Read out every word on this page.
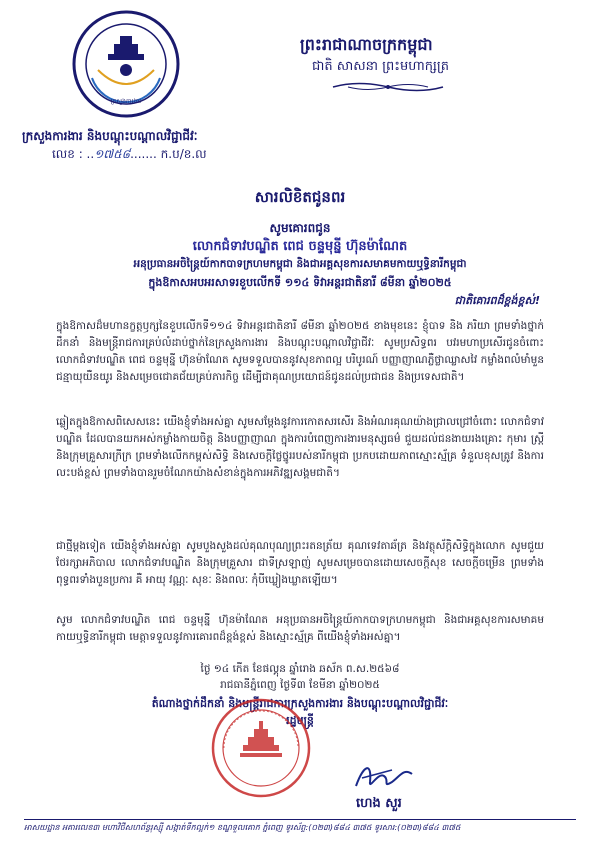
ក្រសួងការងារ
ព្រះរាជាណាចក្រកម្ពុជា
ជាតិ សាសនា ព្រះមហាក្សត្រ
ក្រសួងការងារ និងបណ្តុះបណ្តាលវិជ្ជាជីវៈ
លេខ : ..១៧៥៨....... ក.ប/ខ.ល
សារលិខិតជូនពរ
សូមគោរពជូន
លោកជំទាវបណ្ឌិត ពេជ ចន្ទមុន្នី ហ៊ុនម៉ាណែត
អនុប្រធានអចិន្ត្រៃយ៍កាកបាទក្រហមកម្ពុជា និងជាអគ្គសុខការសមាគមកាយឬទ្ធិនារីកម្ពុជា
ក្នុងឱកាសអបអរសាទរខួបលើកទី ១១៤ ទិវាអន្តរជាតិនារី ៨មីនា ឆ្នាំ២០២៥
ជាតិគោរពដ៏ខ្ពង់ខ្ពស់!
ក្នុងឱកាសដ៏មហានក្ខត្តឫក្សនៃខួបលើកទី១១៤ ទិវាអន្តរជាតិនារី ៨មីនា ឆ្នាំ២០២៥ ខាងមុខនេះ ខ្ញុំបាទ និង ភរិយា ព្រមទាំងថ្នាក់ដឹកនាំ និងមន្ត្រីរាជការគ្រប់លំដាប់ថ្នាក់នៃក្រសួងការងារ និងបណ្តុះបណ្តាលវិជ្ជាជីវៈ សូមប្រសិទ្ធពរ បវរមហាប្រសើរជូនចំពោះ លោកជំទាវបណ្ឌិត ពេជ ចន្ទមុន្នី ហ៊ុនម៉ាណែត សូមទទួលបាននូវសុខភាពល្អ បរិបូរណ៍ បញ្ញាញាណភ្លឺថ្លាឈ្លាសវៃ កម្លាំងពលំមាំមួន ជន្មាយុយឺនយូរ និងសម្រេចជោគជ័យគ្រប់ភារកិច្ច ដើម្បីជាគុណប្រយោជន៍ជូនដល់ប្រជាជន និងប្រទេសជាតិ។
ឆ្លៀតក្នុងឱកាសពិសេសនេះ យើងខ្ញុំទាំងអស់គ្នា សូមសម្តែងនូវការកោតសរសើរ និងអំណរគុណយ៉ាងជ្រាលជ្រៅចំពោះ លោកជំទាវបណ្ឌិត ដែលបានយកអស់កម្លាំងកាយចិត្ត និងបញ្ញាញាណ ក្នុងការបំពេញការងារមនុស្សធម៌ ជួយដល់ជនងាយរងគ្រោះ កុមារ ស្ត្រី និងក្រុមគ្រួសារក្រីក្រ ព្រមទាំងលើកកម្ពស់សិទ្ធិ និងសេចក្តីថ្លៃថ្នូររបស់នារីកម្ពុជា ប្រកបដោយភាពស្មោះស្ម័គ្រ ទំនួលខុសត្រូវ និងការលះបង់ខ្ពស់ ព្រមទាំងបានរួមចំណែកយ៉ាងសំខាន់ក្នុងការអភិវឌ្ឍសង្គមជាតិ។
ជាថ្មីម្តងទៀត យើងខ្ញុំទាំងអស់គ្នា សូមបួងសួងដល់គុណបុណ្យព្រះរតនត្រ័យ គុណទេវតាឆ័ត្រ និងវត្ថុស័ក្តិសិទ្ធិក្នុងលោក សូមជួយថែរក្សាអភិបាល លោកជំទាវបណ្ឌិត និងក្រុមគ្រួសារ ជាទីស្រឡាញ់ សូមសម្រេចបានដោយសេចក្តីសុខ សេចក្តីចម្រើន ព្រមទាំងពុទ្ធពរទាំងបួនប្រការ គឺ អាយុ វណ្ណៈ សុខៈ និងពលៈ កុំបីឃ្លៀងឃ្លាតឡើយ។
សូម លោកជំទាវបណ្ឌិត ពេជ ចន្ទមុន្នី ហ៊ុនម៉ាណែត អនុប្រធានអចិន្ត្រៃយ៍កាកបាទក្រហមកម្ពុជា និងជាអគ្គសុខការសមាគមកាយឬទ្ធិនារីកម្ពុជា មេត្តាទទួលនូវការគោរពដ៏ខ្ពង់ខ្ពស់ និងស្មោះស្ម័គ្រ ពីយើងខ្ញុំទាំងអស់គ្នា។
ថ្ងៃ ១៤ កើត ខែផល្គុន ឆ្នាំរោង ឆស័ក ព.ស.២៥៦៨
រាជធានីភ្នំពេញ ថ្ងៃទី៣ ខែមីនា ឆ្នាំ២០២៥
តំណាងថ្នាក់ដឹកនាំ និងមន្ត្រីរាជការក្រសួងការងារ និងបណ្តុះបណ្តាលវិជ្ជាជីវៈ
រដ្ឋមន្ត្រី
ហេង សួរ
អាសយដ្ឋាន អគារលេខ៣ មហាវិថីសហព័ន្ធរុស្ស៊ី សង្កាត់ទឹកល្អក់១ ខណ្ឌទួលគោក ភ្នំពេញ ទូរស័ព្ទ:(០២៣)៨៨៤ ៣៧៥ ទូរសារ:(០២៣)៨៨៤ ៣៧៥
